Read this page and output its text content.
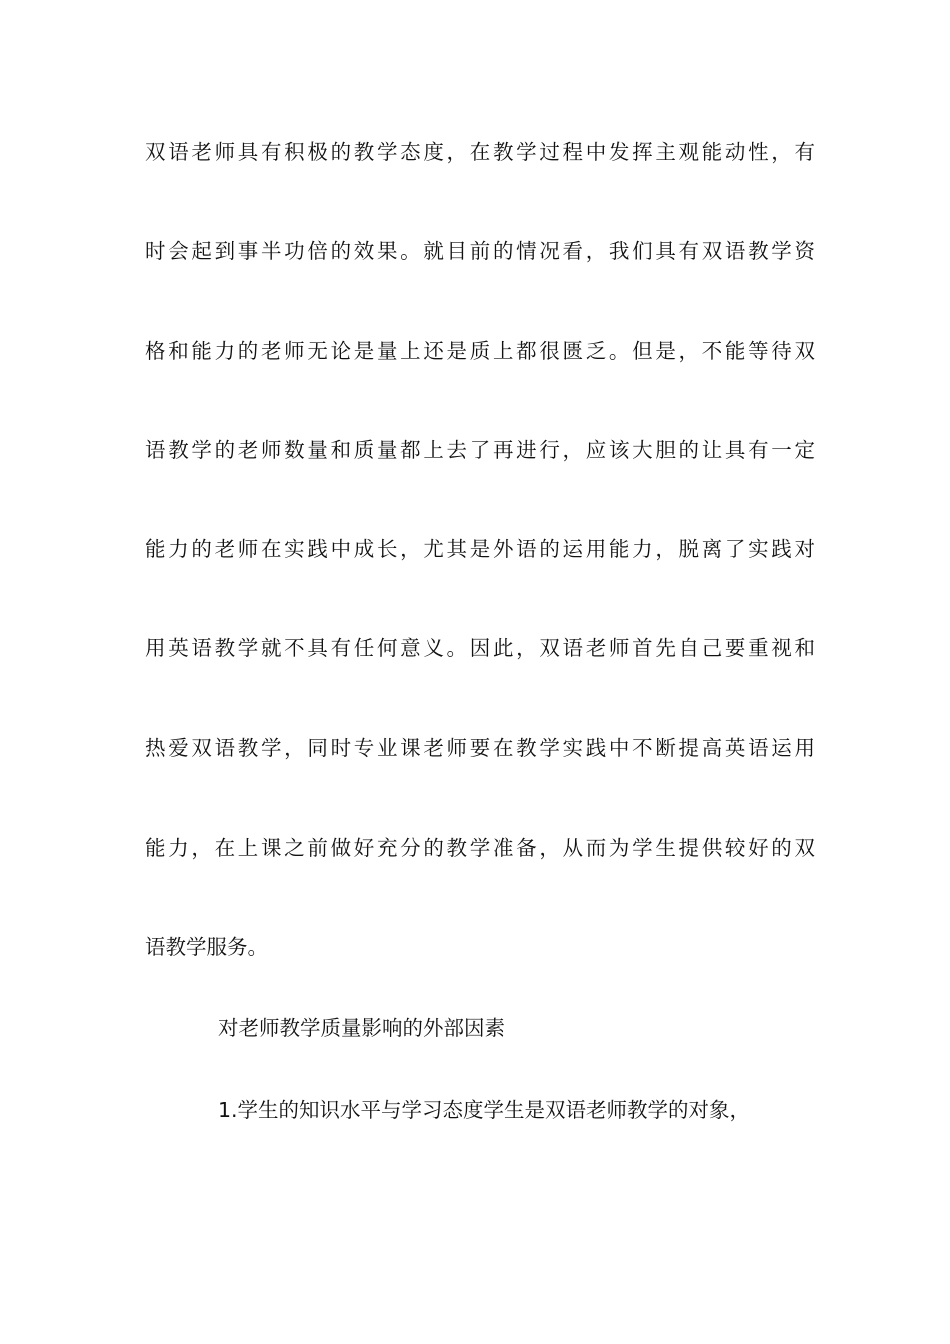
双语老师具有积极的教学态度，在教学过程中发挥主观能动性，有
时会起到事半功倍的效果。就目前的情况看，我们具有双语教学资
格和能力的老师无论是量上还是质上都很匮乏。但是，不能等待双
语教学的老师数量和质量都上去了再进行，应该大胆的让具有一定
能力的老师在实践中成长，尤其是外语的运用能力，脱离了实践对
用英语教学就不具有任何意义。因此，双语老师首先自己要重视和
热爱双语教学，同时专业课老师要在教学实践中不断提高英语运用
能力，在上课之前做好充分的教学准备，从而为学生提供较好的双
语教学服务。
对老师教学质量影响的外部因素
1.学生的知识水平与学习态度学生是双语老师教学的对象，
